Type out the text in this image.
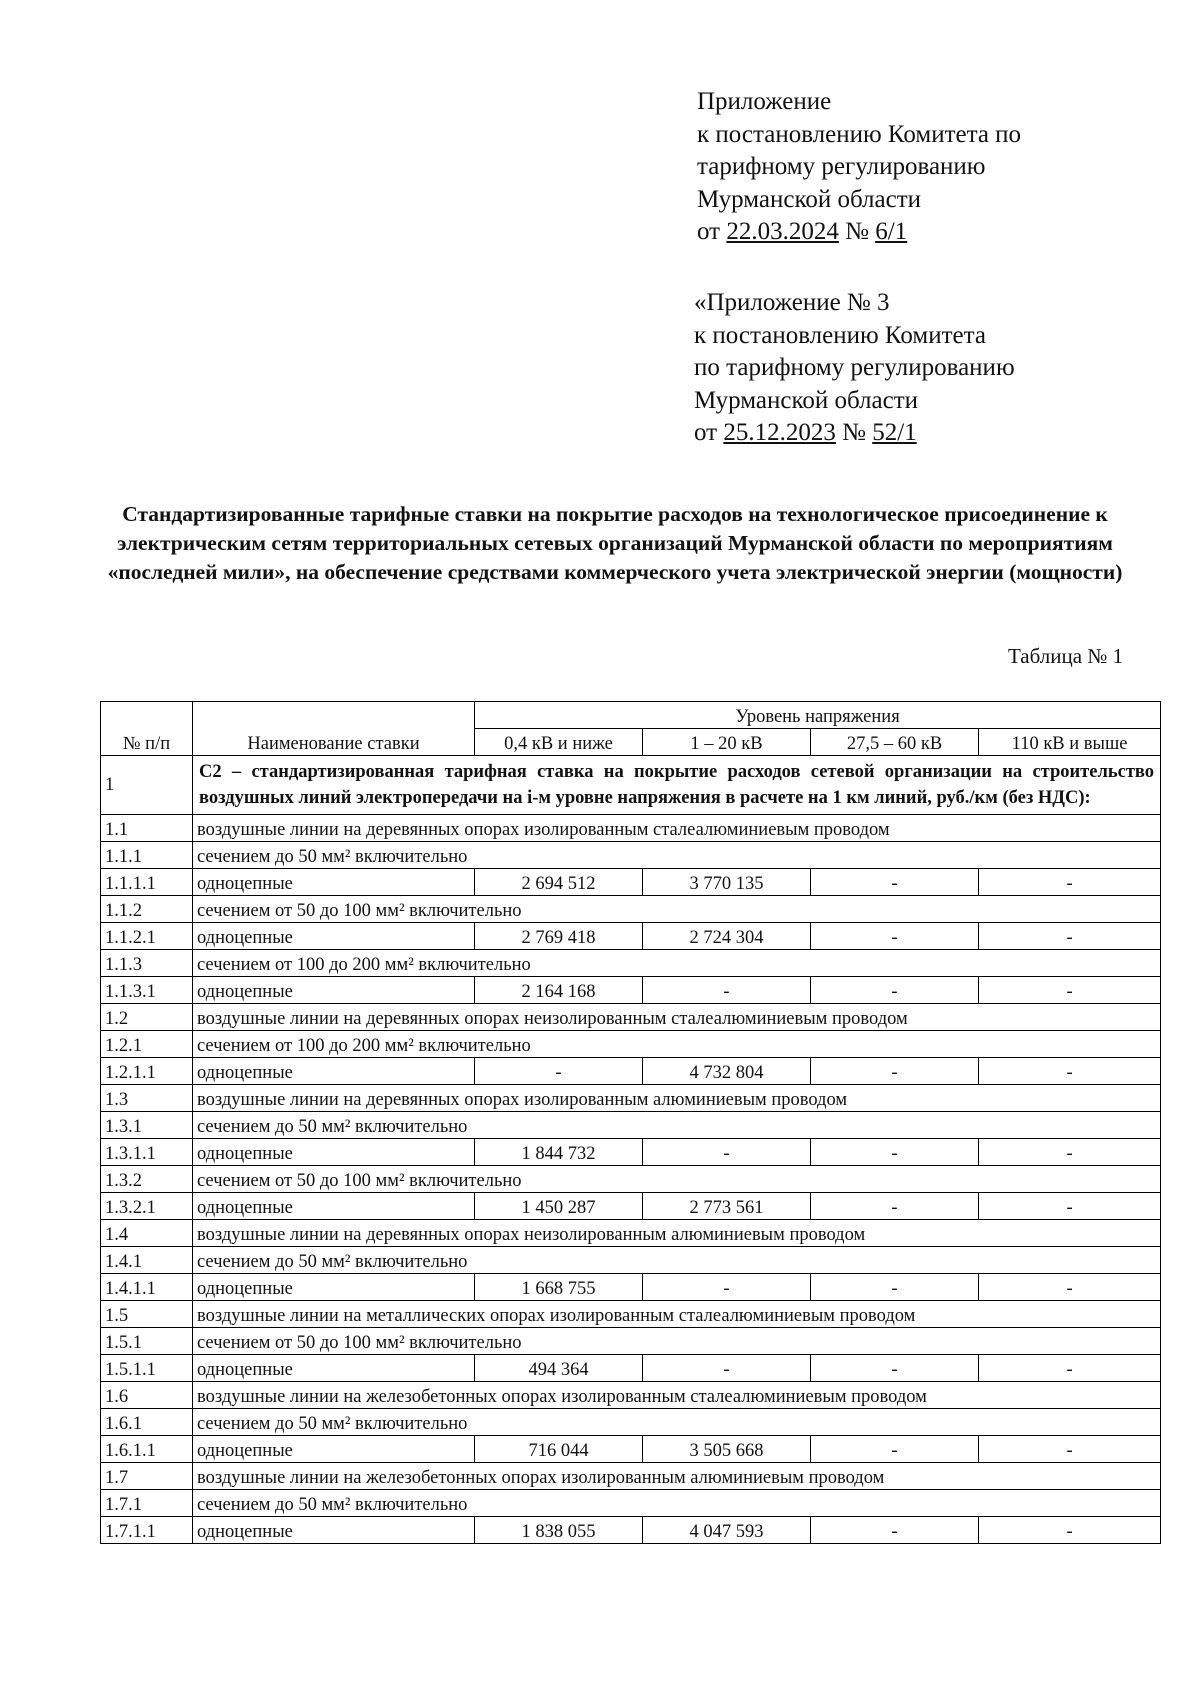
Приложение
к постановлению Комитета по
тарифному регулированию
Мурманской области
от 22.03.2024 № 6/1
«Приложение № 3
к постановлению Комитета
по тарифному регулированию
Мурманской области
от 25.12.2023 № 52/1
Стандартизированные тарифные ставки на покрытие расходов на технологическое присоединение к электрическим сетям территориальных сетевых организаций Мурманской области по мероприятиям «последней мили», на обеспечение средствами коммерческого учета электрической энергии (мощности)
Таблица № 1
№ п/п	Наименование ставки	Уровень напряжения			
		0,4 кВ и ниже	1 – 20 кВ	27,5 – 60 кВ	110 кВ и выше
1	С2 – стандартизированная тарифная ставка на покрытие расходов сетевой организации на строительство воздушных линий электропередачи на i-м уровне напряжения в расчете на 1 км линий, руб./км (без НДС):				
1.1	воздушные линии на деревянных опорах изолированным сталеалюминиевым проводом				
1.1.1	сечением до 50 мм² включительно				
1.1.1.1	одноцепные	2 694 512	3 770 135	-	-
1.1.2	сечением от 50 до 100 мм² включительно				
1.1.2.1	одноцепные	2 769 418	2 724 304	-	-
1.1.3	сечением от 100 до 200 мм² включительно				
1.1.3.1	одноцепные	2 164 168	-	-	-
1.2	воздушные линии на деревянных опорах неизолированным сталеалюминиевым проводом				
1.2.1	сечением от 100 до 200 мм² включительно				
1.2.1.1	одноцепные	-	4 732 804	-	-
1.3	воздушные линии на деревянных опорах изолированным алюминиевым проводом				
1.3.1	сечением до 50 мм² включительно				
1.3.1.1	одноцепные	1 844 732	-	-	-
1.3.2	сечением от 50 до 100 мм² включительно				
1.3.2.1	одноцепные	1 450 287	2 773 561	-	-
1.4	воздушные линии на деревянных опорах неизолированным алюминиевым проводом				
1.4.1	сечением до 50 мм² включительно				
1.4.1.1	одноцепные	1 668 755	-	-	-
1.5	воздушные линии на металлических опорах изолированным сталеалюминиевым проводом				
1.5.1	сечением от 50 до 100 мм² включительно				
1.5.1.1	одноцепные	494 364	-	-	-
1.6	воздушные линии на железобетонных опорах изолированным сталеалюминиевым проводом				
1.6.1	сечением до 50 мм² включительно				
1.6.1.1	одноцепные	716 044	3 505 668	-	-
1.7	воздушные линии на железобетонных опорах изолированным алюминиевым проводом				
1.7.1	сечением до 50 мм² включительно				
1.7.1.1	одноцепные	1 838 055	4 047 593	-	-
